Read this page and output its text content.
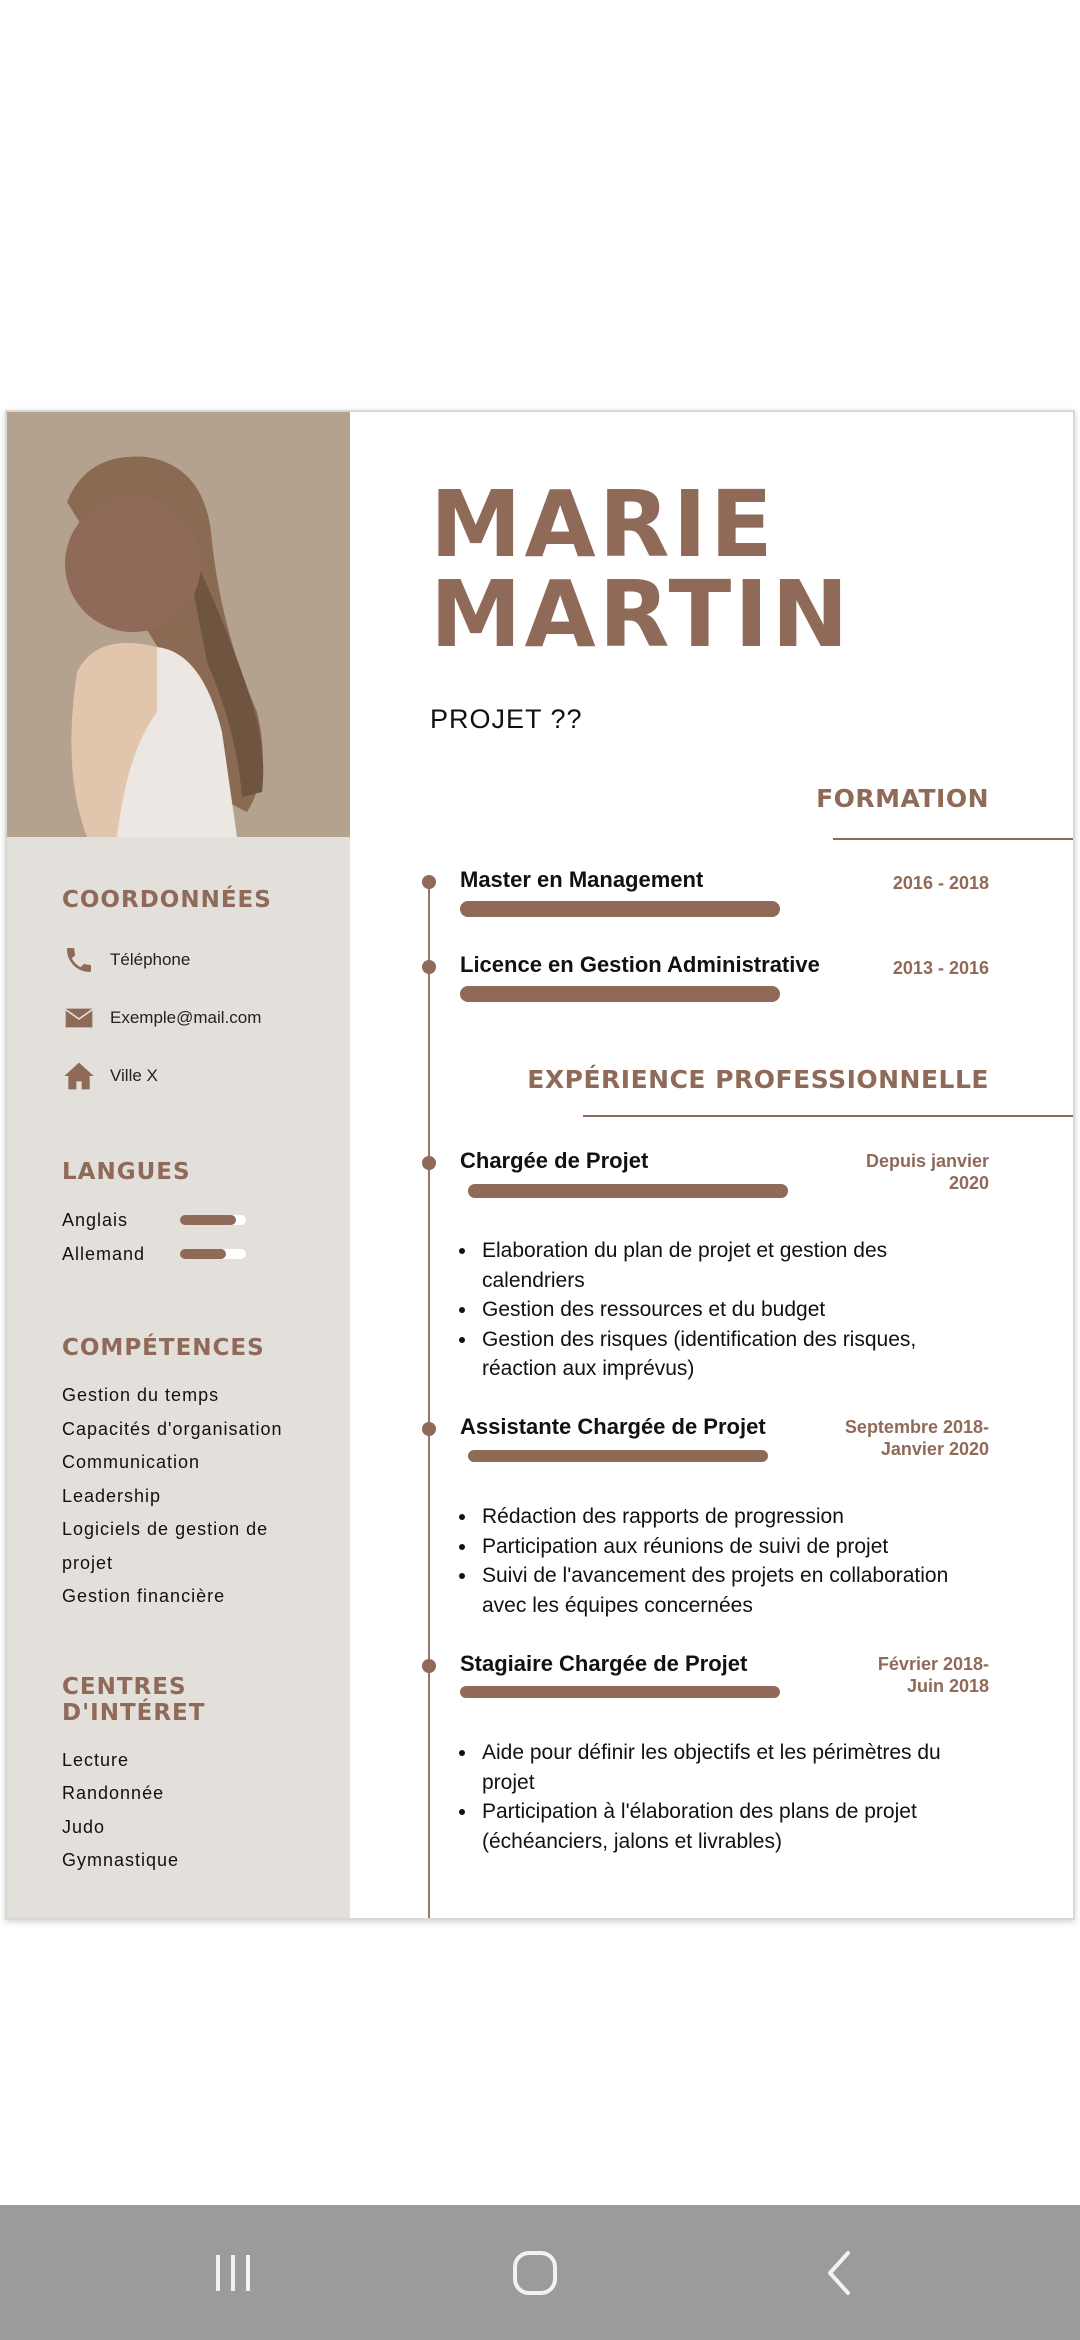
COORDONNÉES
Téléphone
Exemple@mail.com
Ville X
LANGUES
Anglais
Allemand
COMPÉTENCES
Gestion du temps
Capacités d'organisation
Communication
Leadership
Logiciels de gestion de
projet
Gestion financière
CENTRES D'INTÉRET
Lecture
Randonnée
Judo
Gymnastique
MARIE
MARTIN
PROJET ??
FORMATION
Master en Management	2016 - 2018
Licence en Gestion Administrative	2013 - 2016
EXPÉRIENCE PROFESSIONNELLE
Chargée de Projet	Depuis janvier
2020
• Elaboration du plan de projet et gestion des calendriers
• Gestion des ressources et du budget
• Gestion des risques (identification des risques, réaction aux imprévus)
Assistante Chargée de Projet	Septembre 2018-
Janvier 2020
• Rédaction des rapports de progression
• Participation aux réunions de suivi de projet
• Suivi de l'avancement des projets en collaboration avec les équipes concernées
Stagiaire Chargée de Projet	Février 2018-
Juin 2018
• Aide pour définir les objectifs et les périmètres du projet
• Participation à l'élaboration des plans de projet (échéanciers, jalons et livrables)
